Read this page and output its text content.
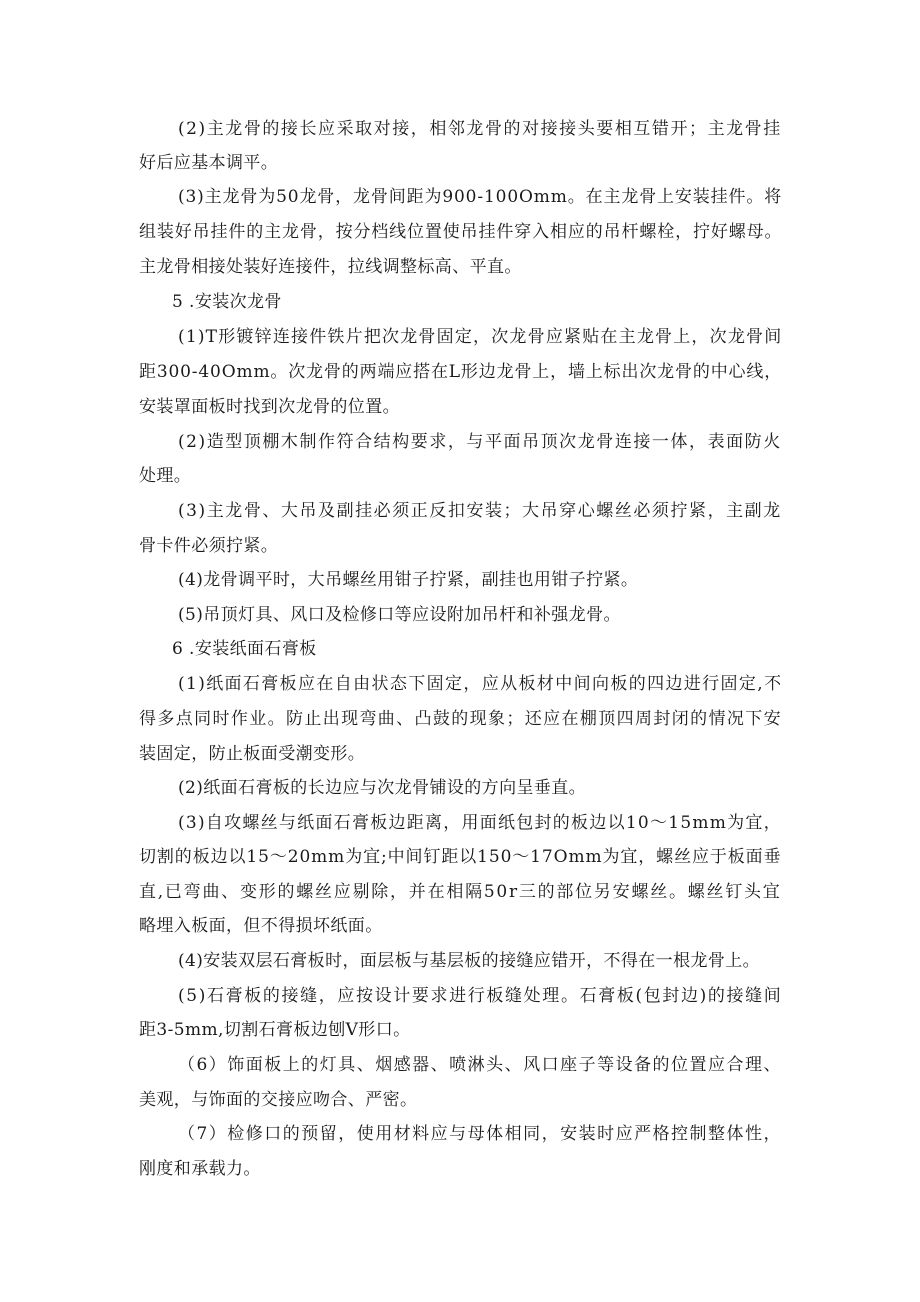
(2)主龙骨的接长应采取对接，相邻龙骨的对接接头要相互错开；主龙骨挂
好后应基本调平。
(3)主龙骨为50龙骨，龙骨间距为900-100Omm。在主龙骨上安装挂件。将
组装好吊挂件的主龙骨，按分档线位置使吊挂件穿入相应的吊杆螺栓，拧好螺母。
主龙骨相接处装好连接件，拉线调整标高、平直。
5 .安装次龙骨
(1)T形镀锌连接件铁片把次龙骨固定，次龙骨应紧贴在主龙骨上，次龙骨间
距300-40Omm。次龙骨的两端应搭在L形边龙骨上，墙上标出次龙骨的中心线，
安装罩面板时找到次龙骨的位置。
(2)造型顶棚木制作符合结构要求，与平面吊顶次龙骨连接一体，表面防火
处理。
(3)主龙骨、大吊及副挂必须正反扣安装；大吊穿心螺丝必须拧紧，主副龙
骨卡件必须拧紧。
(4)龙骨调平时，大吊螺丝用钳子拧紧，副挂也用钳子拧紧。
(5)吊顶灯具、风口及检修口等应设附加吊杆和补强龙骨。
6 .安装纸面石膏板
(1)纸面石膏板应在自由状态下固定，应从板材中间向板的四边进行固定,不
得多点同时作业。防止出现弯曲、凸鼓的现象；还应在棚顶四周封闭的情况下安
装固定，防止板面受潮变形。
(2)纸面石膏板的长边应与次龙骨铺设的方向呈垂直。
(3)自攻螺丝与纸面石膏板边距离，用面纸包封的板边以10～15mm为宜，
切割的板边以15～20mm为宜;中间钉距以150～17Omm为宜，螺丝应于板面垂
直,已弯曲、变形的螺丝应剔除，并在相隔50r三的部位另安螺丝。螺丝钉头宜
略埋入板面，但不得损坏纸面。
(4)安装双层石膏板时，面层板与基层板的接缝应错开，不得在一根龙骨上。
(5)石膏板的接缝，应按设计要求进行板缝处理。石膏板(包封边)的接缝间
距3-5mm,切割石膏板边刨V形口。
（6）饰面板上的灯具、烟感器、喷淋头、风口座子等设备的位置应合理、
美观，与饰面的交接应吻合、严密。
（7）检修口的预留，使用材料应与母体相同，安装时应严格控制整体性，
刚度和承载力。
